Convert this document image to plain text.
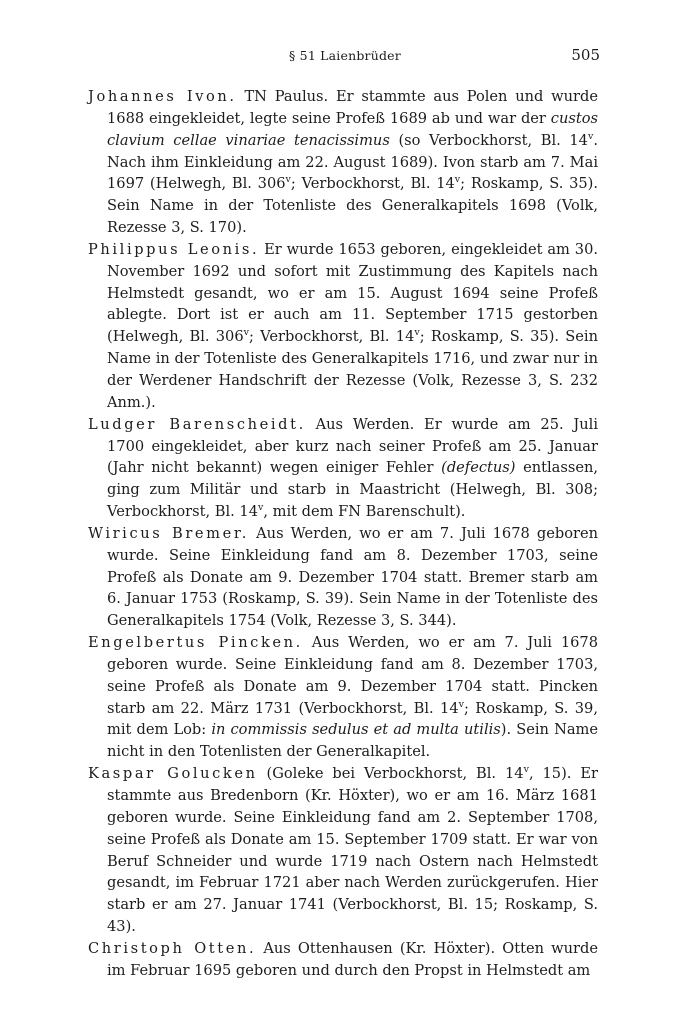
§ 51 Laienbrüder	505

Johannes Ivon. TN Paulus. Er stammte aus Polen und wurde 1688 eingekleidet, legte seine Profeß 1689 ab und war der custos clavium cellae vinariae tenacissimus (so Verbockhorst, Bl. 14$^v$. Nach ihm Einkleidung am 22. August 1689). Ivon starb am 7. Mai 1697 (Helwegh, Bl. 306$^v$; Verbockhorst, Bl. 14$^v$; Roskamp, S. 35). Sein Name in der Totenliste des Generalkapitels 1698 (Volk, Rezesse 3, S. 170).

Philippus Leonis. Er wurde 1653 geboren, eingekleidet am 30. November 1692 und sofort mit Zustimmung des Kapitels nach Helmstedt gesandt, wo er am 15. August 1694 seine Profeß ablegte. Dort ist er auch am 11. September 1715 gestorben (Helwegh, Bl. 306$^v$; Verbockhorst, Bl. 14$^v$; Roskamp, S. 35). Sein Name in der Totenliste des Generalkapitels 1716, und zwar nur in der Werdener Handschrift der Rezesse (Volk, Rezesse 3, S. 232 Anm.).

Ludger Barenscheidt. Aus Werden. Er wurde am 25. Juli 1700 eingekleidet, aber kurz nach seiner Profeß am 25. Januar (Jahr nicht bekannt) wegen einiger Fehler (defectus) entlassen, ging zum Militär und starb in Maastricht (Helwegh, Bl. 308; Verbockhorst, Bl. 14$^v$, mit dem FN Barenschult).

Wiricus Bremer. Aus Werden, wo er am 7. Juli 1678 geboren wurde. Seine Einkleidung fand am 8. Dezember 1703, seine Profeß als Donate am 9. Dezember 1704 statt. Bremer starb am 6. Januar 1753 (Roskamp, S. 39). Sein Name in der Totenliste des Generalkapitels 1754 (Volk, Rezesse 3, S. 344).

Engelbertus Pincken. Aus Werden, wo er am 7. Juli 1678 geboren wurde. Seine Einkleidung fand am 8. Dezember 1703, seine Profeß als Donate am 9. Dezember 1704 statt. Pincken starb am 22. März 1731 (Verbockhorst, Bl. 14$^v$; Roskamp, S. 39, mit dem Lob: in commissis sedulus et ad multa utilis). Sein Name nicht in den Totenlisten der Generalkapitel.

Kaspar Golucken (Goleke bei Verbockhorst, Bl. 14$^v$, 15). Er stammte aus Bredenborn (Kr. Höxter), wo er am 16. März 1681 geboren wurde. Seine Einkleidung fand am 2. September 1708, seine Profeß als Donate am 15. September 1709 statt. Er war von Beruf Schneider und wurde 1719 nach Ostern nach Helmstedt gesandt, im Februar 1721 aber nach Werden zurückgerufen. Hier starb er am 27. Januar 1741 (Verbockhorst, Bl. 15; Roskamp, S. 43).

Christoph Otten. Aus Ottenhausen (Kr. Höxter). Otten wurde im Februar 1695 geboren und durch den Propst in Helmstedt am
